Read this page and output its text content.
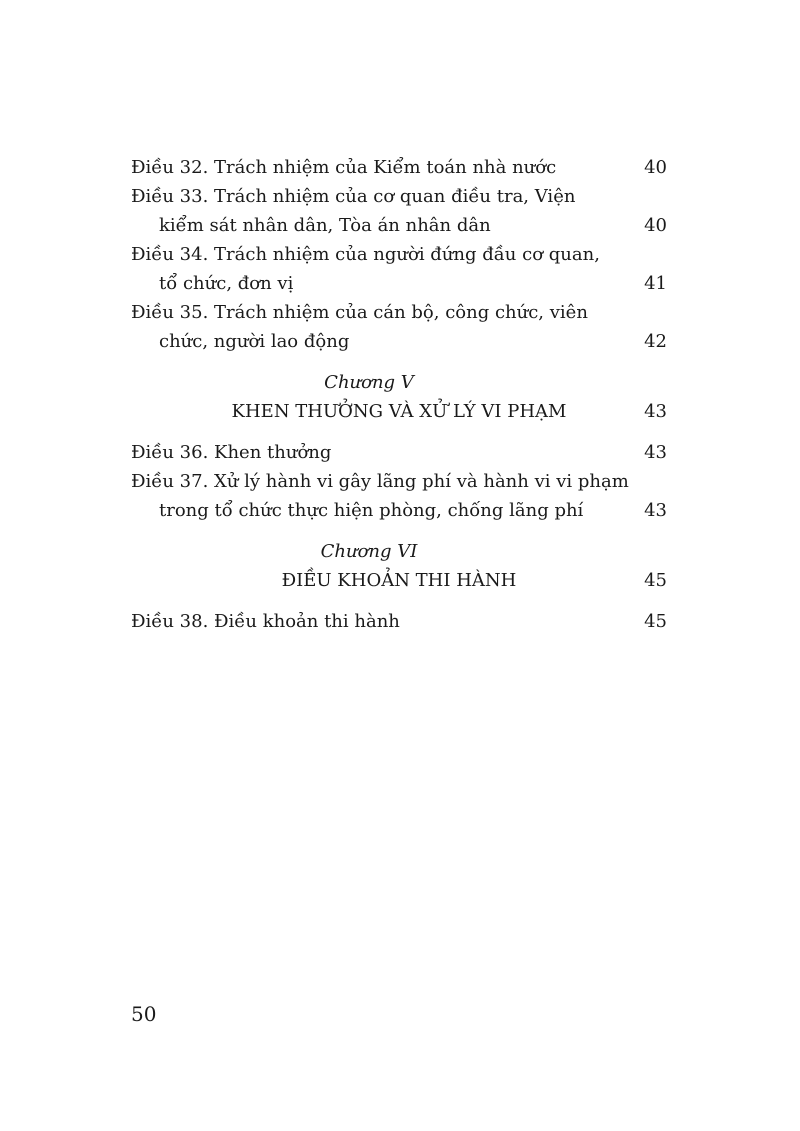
Điều 32. Trách nhiệm của Kiểm toán nhà nước	40
Điều 33. Trách nhiệm của cơ quan điều tra, Viện
kiểm sát nhân dân, Tòa án nhân dân	40
Điều 34. Trách nhiệm của người đứng đầu cơ quan,
tổ chức, đơn vị	41
Điều 35. Trách nhiệm của cán bộ, công chức, viên
chức, người lao động	42
Chương V
KHEN THƯỞNG VÀ XỬ LÝ VI PHẠM	43
Điều 36. Khen thưởng	43
Điều 37. Xử lý hành vi gây lãng phí và hành vi vi phạm
trong tổ chức thực hiện phòng, chống lãng phí	43
Chương VI
ĐIỀU KHOẢN THI HÀNH	45
Điều 38. Điều khoản thi hành	45
50
